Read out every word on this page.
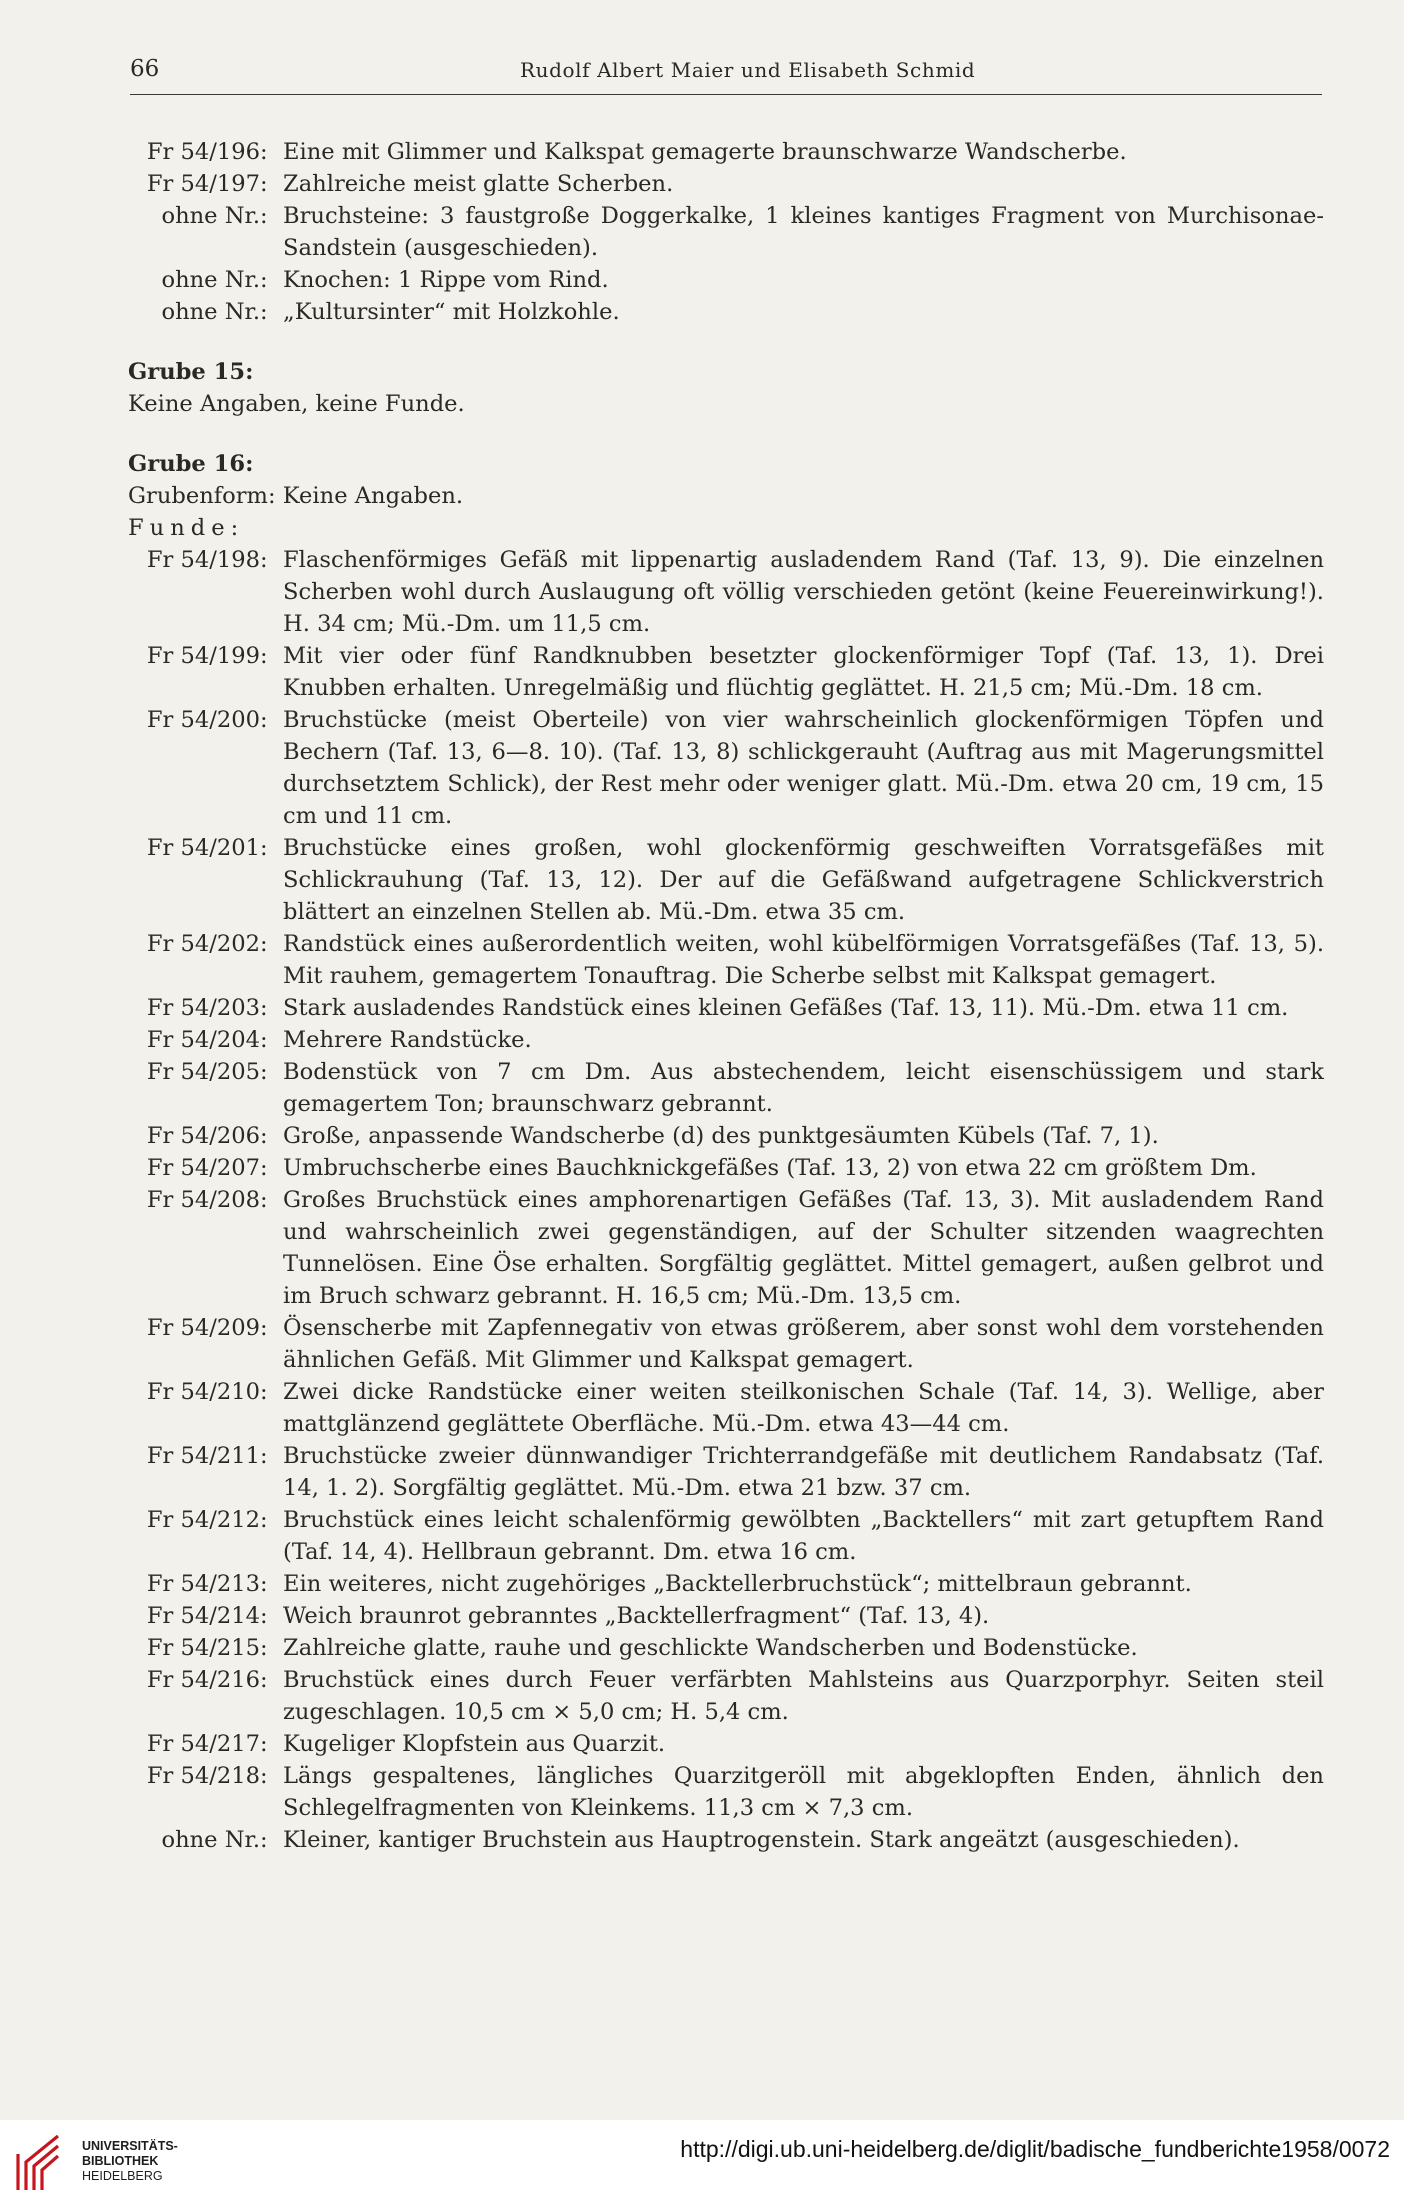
66	Rudolf Albert Maier und Elisabeth Schmid
Fr 54/196 : Eine mit Glimmer und Kalkspat gemagerte braunschwarze Wandscherbe.
Fr 54/197 : Zahlreiche meist glatte Scherben.
ohne Nr. : Bruchsteine: 3 faustgroße Doggerkalke, 1 kleines kantiges Fragment von Murchisonae-Sandstein (ausgeschieden).
ohne Nr. : Knochen: 1 Rippe vom Rind.
ohne Nr. : „Kultursinter“ mit Holzkohle.
Grube 15:
Keine Angaben, keine Funde.
Grube 16:
Grubenform: Keine Angaben.
Funde:
Fr 54/198 : Flaschenförmiges Gefäß mit lippenartig ausladendem Rand (Taf. 13, 9). Die einzelnen Scherben wohl durch Auslaugung oft völlig verschieden getönt (keine Feuereinwirkung!). H. 34 cm; Mü.-Dm. um 11,5 cm.
Fr 54/199 : Mit vier oder fünf Randknubben besetzter glockenförmiger Topf (Taf. 13, 1). Drei Knubben erhalten. Unregelmäßig und flüchtig geglättet. H. 21,5 cm; Mü.-Dm. 18 cm.
Fr 54/200 : Bruchstücke (meist Oberteile) von vier wahrscheinlich glockenförmigen Töpfen und Bechern (Taf. 13, 6—8. 10). (Taf. 13, 8) schlickgerauht (Auftrag aus mit Magerungsmittel durchsetztem Schlick), der Rest mehr oder weniger glatt. Mü.-Dm. etwa 20 cm, 19 cm, 15 cm und 11 cm.
Fr 54/201 : Bruchstücke eines großen, wohl glockenförmig geschweiften Vorratsgefäßes mit Schlickrauhung (Taf. 13, 12). Der auf die Gefäßwand aufgetragene Schlickverstrich blättert an einzelnen Stellen ab. Mü.-Dm. etwa 35 cm.
Fr 54/202 : Randstück eines außerordentlich weiten, wohl kübelförmigen Vorratsgefäßes (Taf. 13, 5). Mit rauhem, gemagertem Tonauftrag. Die Scherbe selbst mit Kalkspat gemagert.
Fr 54/203 : Stark ausladendes Randstück eines kleinen Gefäßes (Taf. 13, 11). Mü.-Dm. etwa 11 cm.
Fr 54/204 : Mehrere Randstücke.
Fr 54/205 : Bodenstück von 7 cm Dm. Aus abstechendem, leicht eisenschüssigem und stark gemagertem Ton; braunschwarz gebrannt.
Fr 54/206 : Große, anpassende Wandscherbe (d) des punktgesäumten Kübels (Taf. 7, 1).
Fr 54/207 : Umbruchscherbe eines Bauchknickgefäßes (Taf. 13, 2) von etwa 22 cm größtem Dm.
Fr 54/208 : Großes Bruchstück eines amphorenartigen Gefäßes (Taf. 13, 3). Mit ausladendem Rand und wahrscheinlich zwei gegenständigen, auf der Schulter sitzenden waagrechten Tunnelösen. Eine Öse erhalten. Sorgfältig geglättet. Mittel gemagert, außen gelbrot und im Bruch schwarz gebrannt. H. 16,5 cm; Mü.-Dm. 13,5 cm.
Fr 54/209 : Ösenscherbe mit Zapfennegativ von etwas größerem, aber sonst wohl dem vorstehenden ähnlichen Gefäß. Mit Glimmer und Kalkspat gemagert.
Fr 54/210 : Zwei dicke Randstücke einer weiten steilkonischen Schale (Taf. 14, 3). Wellige, aber mattglänzend geglättete Oberfläche. Mü.-Dm. etwa 43—44 cm.
Fr 54/211 : Bruchstücke zweier dünnwandiger Trichterrandgefäße mit deutlichem Randabsatz (Taf. 14, 1. 2). Sorgfältig geglättet. Mü.-Dm. etwa 21 bzw. 37 cm.
Fr 54/212 : Bruchstück eines leicht schalenförmig gewölbten „Backtellers“ mit zart getupftem Rand (Taf. 14, 4). Hellbraun gebrannt. Dm. etwa 16 cm.
Fr 54/213 : Ein weiteres, nicht zugehöriges „Backtellerbruchstück“; mittelbraun gebrannt.
Fr 54/214 : Weich braunrot gebranntes „Backtellerfragment“ (Taf. 13, 4).
Fr 54/215 : Zahlreiche glatte, rauhe und geschlickte Wandscherben und Bodenstücke.
Fr 54/216 : Bruchstück eines durch Feuer verfärbten Mahlsteins aus Quarzporphyr. Seiten steil zugeschlagen. 10,5 cm × 5,0 cm; H. 5,4 cm.
Fr 54/217 : Kugeliger Klopfstein aus Quarzit.
Fr 54/218 : Längs gespaltenes, längliches Quarzitgeröll mit abgeklopften Enden, ähnlich den Schlegelfragmenten von Kleinkems. 11,3 cm × 7,3 cm.
ohne Nr. : Kleiner, kantiger Bruchstein aus Hauptrogenstein. Stark angeätzt (ausgeschieden).
UNIVERSITÄTS-
BIBLIOTHEK
HEIDELBERG
http://digi.ub.uni-heidelberg.de/diglit/badische_fundberichte1958/0072
